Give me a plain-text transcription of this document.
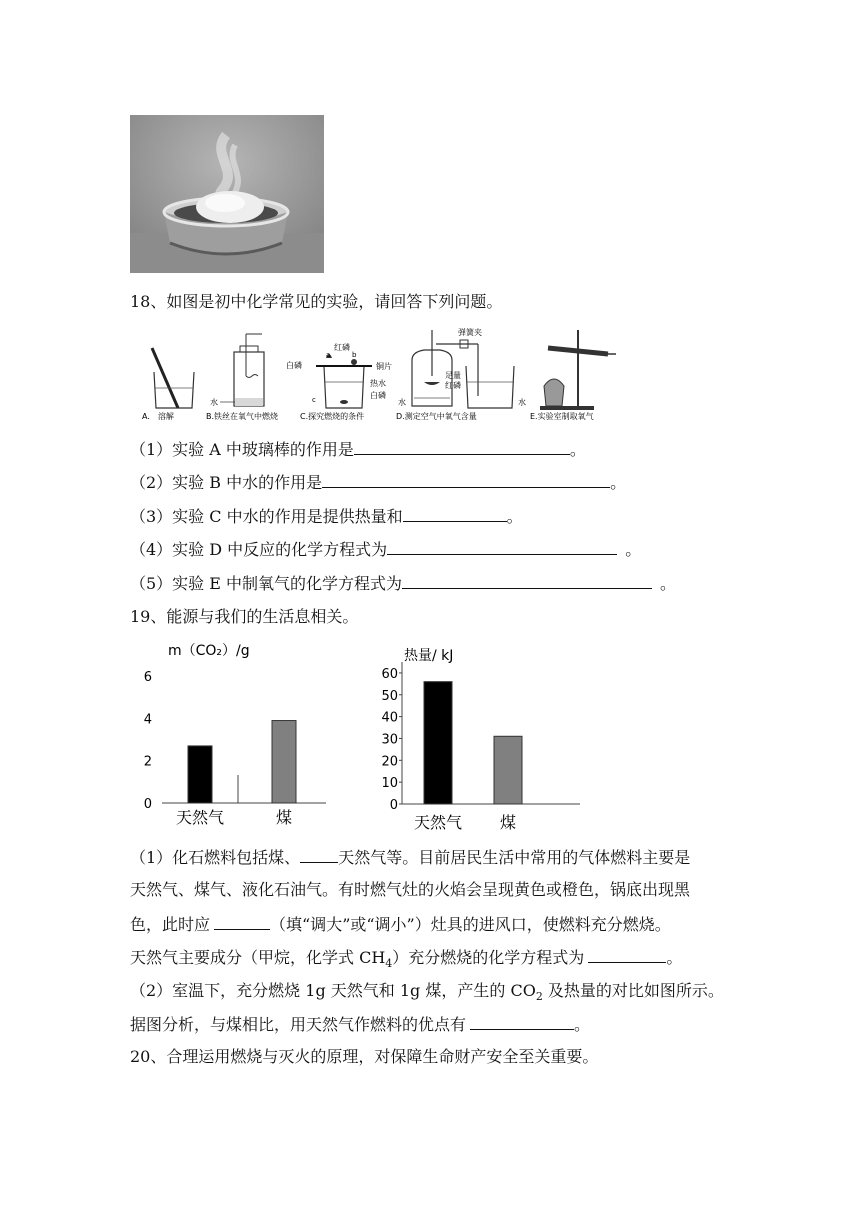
18、如图是初中化学常见的实验，请回答下列问题。
A.　溶解
水
B.铁丝在氧气中燃烧
红磷
白磷	铜片
热水
白磷
a	b
c
C.探究燃烧的条件
弹簧夹
足量
红磷
水	水
D.测定空气中氧气含量	E.实验室制取氧气
（1）实验 A 中玻璃棒的作用是	。
（2）实验 B 中水的作用是	。
（3）实验 C 中水的作用是提供热量和	。
（4）实验 D 中反应的化学方程式为	。
（5）实验 E 中制氧气的化学方程式为	。
19、能源与我们的生活息相关。
m（CO₂）/g
0
2
4
6
天然气	煤
热量/ kJ
0
10
20
30
40
50
60
天然气 煤
（1）化石燃料包括煤、 天然气等。目前居民生活中常用的气体燃料主要是
天然气、煤气、液化石油气。有时燃气灶的火焰会呈现黄色或橙色，锅底出现黑
色，此时应	（填“调大”或“调小”）灶具的进风口，使燃料充分燃烧。
天然气主要成分（甲烷，化学式 $CH_4$）充分燃烧的化学方程式为	。
（2）室温下，充分燃烧 1g 天然气和 1g 煤，产生的 $CO_2$ 及热量的对比如图所示。
据图分析，与煤相比，用天然气作燃料的优点有	。
20、合理运用燃烧与灭火的原理，对保障生命财产安全至关重要。
